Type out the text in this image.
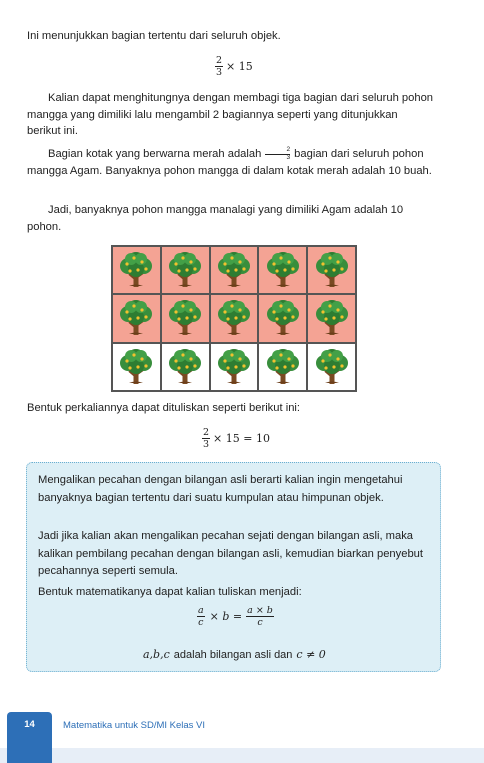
Ini menunjukkan bagian tertentu dari seluruh objek.
$\frac{2}{3} \times 15$
Kalian dapat menghitungnya dengan membagi tiga bagian dari seluruh pohon mangga yang dimiliki lalu mengambil 2 bagiannya seperti yang ditunjukkan berikut ini.
Bagian kotak yang berwarna merah adalah $\frac{2}{3}$ bagian dari seluruh pohon mangga Agam. Banyaknya pohon mangga di dalam kotak merah adalah 10 buah.
Jadi, banyaknya pohon mangga manalagi yang dimiliki Agam adalah 10 pohon.
Bentuk perkaliannya dapat dituliskan seperti berikut ini:
$\frac{2}{3} \times 15 = 10$
Mengalikan pecahan dengan bilangan asli berarti kalian ingin mengetahui banyaknya bagian tertentu dari suatu kumpulan atau himpunan objek.
Jadi jika kalian akan mengalikan pecahan sejati dengan bilangan asli, maka kalikan pembilang pecahan dengan bilangan asli, kemudian biarkan penyebut pecahannya seperti semula.
Bentuk matematikanya dapat kalian tuliskan menjadi:
$\frac{a}{c} \times b = \frac{a \times b}{c}$
a,b,c adalah bilangan asli dan c ≠ 0
14	Matematika untuk SD/MI Kelas VI
